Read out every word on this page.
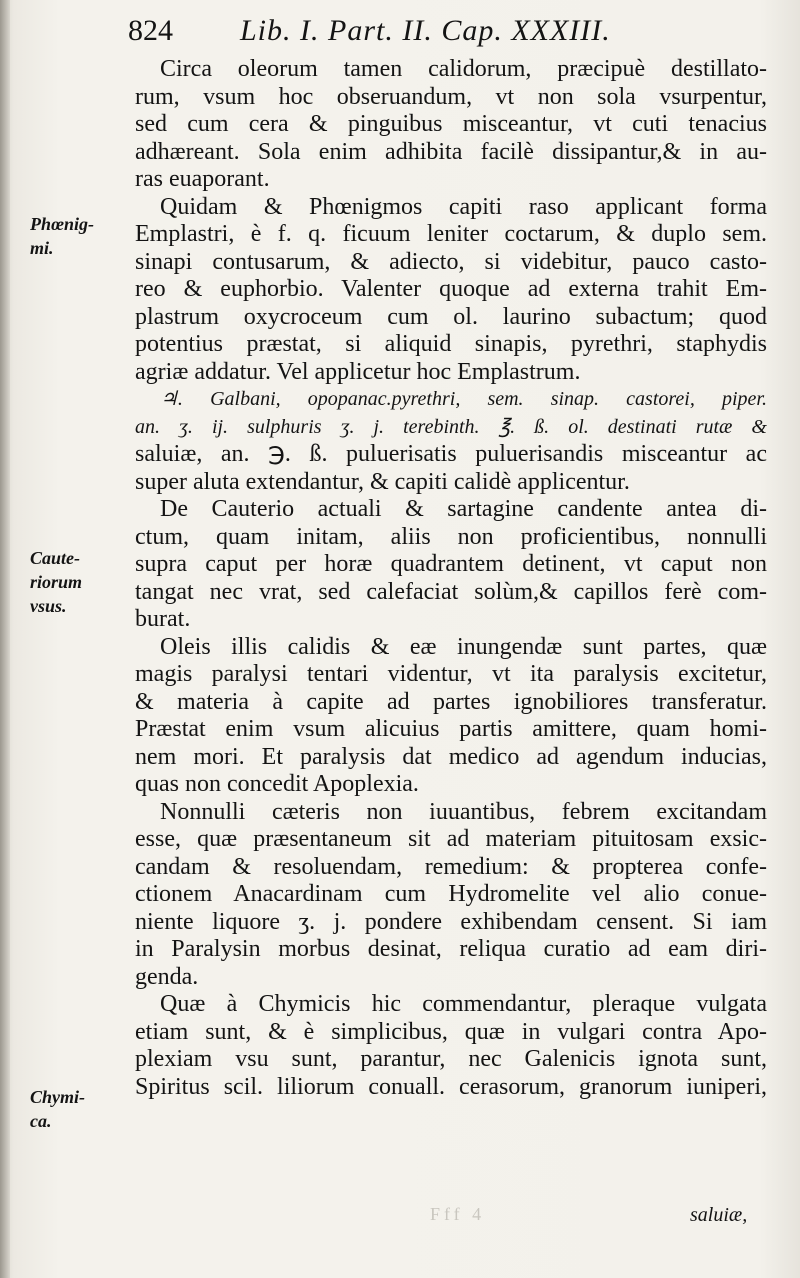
824 Lib. I. Part. II. Cap. XXXIII.
Phœnig-
mi.
Caute-
riorum
vsus.
Chymi-
ca.
Circa oleorum tamen calidorum, præcipuè destillato-
rum, vsum hoc obseruandum, vt non sola vsurpentur,
sed cum cera & pinguibus misceantur, vt cuti tenacius
adhæreant. Sola enim adhibita facilè dissipantur,& in au-
ras euaporant.
Quidam & Phœnigmos capiti raso applicant forma
Emplastri, è f. q. ficuum leniter coctarum, & duplo sem.
sinapi contusarum, & adiecto, si videbitur, pauco casto-
reo & euphorbio. Valenter quoque ad externa trahit Em-
plastrum oxycroceum cum ol. laurino subactum; quod
potentius præstat, si aliquid sinapis, pyrethri, staphydis
agriæ addatur. Vel applicetur hoc Emplastrum.
♃. Galbani, opopanac.pyrethri, sem. sinap. castorei, piper.
an. ʒ. ij. sulphuris ʒ. j. terebinth. ℥. ß. ol. destinati rutæ &
saluiæ, an. ℈. ß. puluerisatis puluerisandis misceantur ac
super aluta extendantur, & capiti calidè applicentur.
De Cauterio actuali & sartagine candente antea di-
ctum, quam initam, aliis non proficientibus, nonnulli
supra caput per horæ quadrantem detinent, vt caput non
tangat nec vrat, sed calefaciat solùm,& capillos ferè com-
burat.
Oleis illis calidis & eæ inungendæ sunt partes, quæ
magis paralysi tentari videntur, vt ita paralysis excitetur,
& materia à capite ad partes ignobiliores transferatur.
Præstat enim vsum alicuius partis amittere, quam homi-
nem mori. Et paralysis dat medico ad agendum inducias,
quas non concedit Apoplexia.
Nonnulli cæteris non iuuantibus, febrem excitandam
esse, quæ præsentaneum sit ad materiam pituitosam exsic-
candam & resoluendam, remedium: & propterea confe-
ctionem Anacardinam cum Hydromelite vel alio conue-
niente liquore ʒ. j. pondere exhibendam censent. Si iam
in Paralysin morbus desinat, reliqua curatio ad eam diri-
genda.
Quæ à Chymicis hic commendantur, pleraque vulgata
etiam sunt, & è simplicibus, quæ in vulgari contra Apo-
plexiam vsu sunt, parantur, nec Galenicis ignota sunt,
Spiritus scil. liliorum conuall. cerasorum, granorum iuniperi,
Fff 4	saluiæ,
